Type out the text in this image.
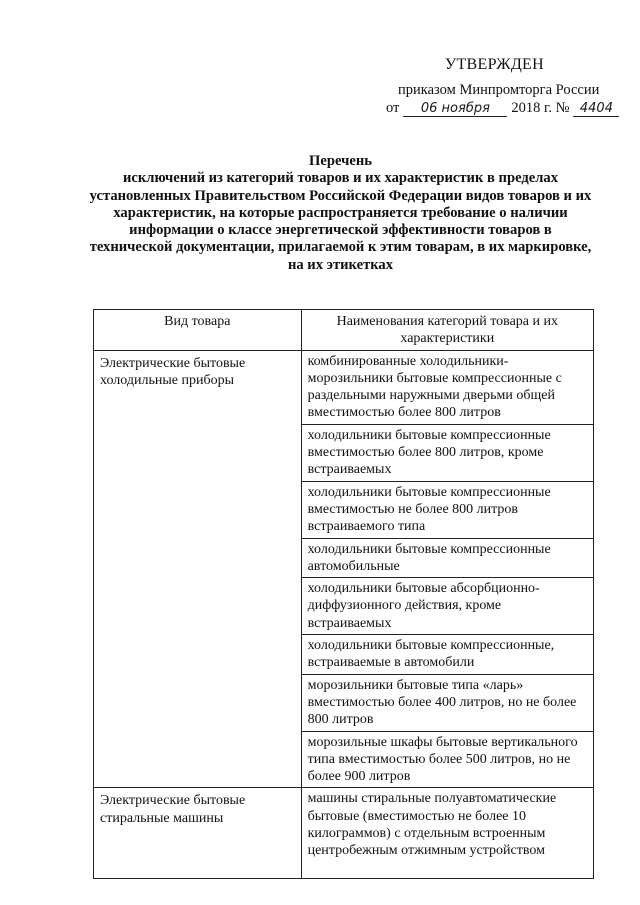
УТВЕРЖДЕН
приказом Минпромторга России
от 06 ноября 2018 г. № 4404
Перечень
исключений из категорий товаров и их характеристик в пределах установленных Правительством Российской Федерации видов товаров и их характеристик, на которые распространяется требование о наличии информации о классе энергетической эффективности товаров в технической документации, прилагаемой к этим товарам, в их маркировке, на их этикетках
Вид товара	Наименования категорий товара и их характеристики
Электрические бытовые холодильные приборы	комбинированные холодильники-морозильники бытовые компрессионные с раздельными наружными дверьми общей вместимостью более 800 литров
	холодильники бытовые компрессионные вместимостью более 800 литров, кроме встраиваемых
	холодильники бытовые компрессионные вместимостью не более 800 литров встраиваемого типа
	холодильники бытовые компрессионные автомобильные
	холодильники бытовые абсорбционно-диффузионного действия, кроме встраиваемых
	холодильники бытовые компрессионные, встраиваемые в автомобили
	морозильники бытовые типа «ларь» вместимостью более 400 литров, но не более 800 литров
	морозильные шкафы бытовые вертикального типа вместимостью более 500 литров, но не более 900 литров
Электрические бытовые стиральные машины	машины стиральные полуавтоматические бытовые (вместимостью не более 10 килограммов) с отдельным встроенным центробежным отжимным устройством
